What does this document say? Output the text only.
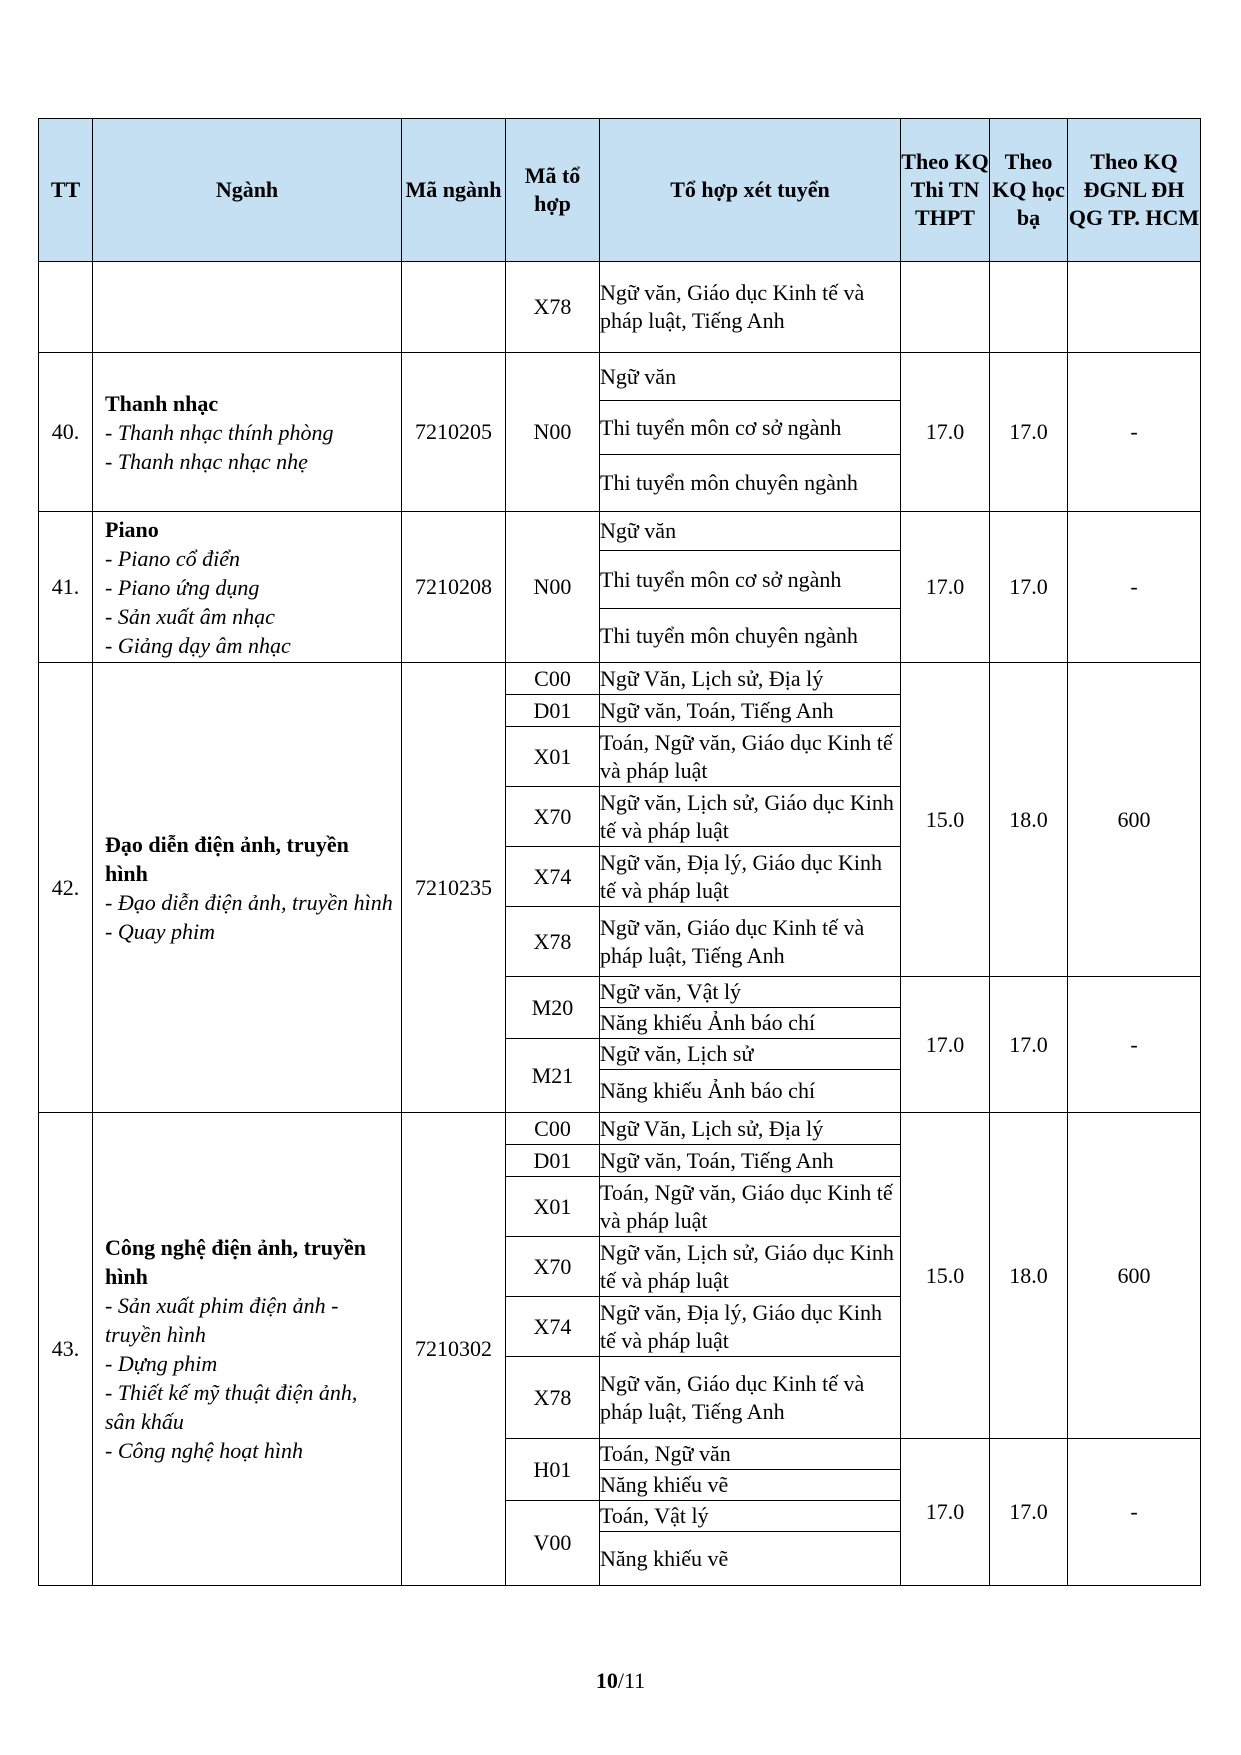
TT	Ngành	Mã ngành	Mã tổ hợp	Tổ hợp xét tuyển	Theo KQ Thi TN THPT	Theo KQ học bạ	Theo KQ ĐGNL ĐH QG TP. HCM
			X78	Ngữ văn, Giáo dục Kinh tế và pháp luật, Tiếng Anh			
40.	Thanh nhạc
- Thanh nhạc thính phòng
- Thanh nhạc nhạc nhẹ	7210205	N00	Ngữ văn	17.0	17.0	-
				Thi tuyển môn cơ sở ngành			
				Thi tuyển môn chuyên ngành			
41.	Piano
- Piano cổ điển
- Piano ứng dụng
- Sản xuất âm nhạc
- Giảng dạy âm nhạc	7210208	N00	Ngữ văn	17.0	17.0	-
				Thi tuyển môn cơ sở ngành			
				Thi tuyển môn chuyên ngành			
42.	Đạo diễn điện ảnh, truyền hình
- Đạo diễn điện ảnh, truyền hình
- Quay phim	7210235	C00	Ngữ Văn, Lịch sử, Địa lý	15.0	18.0	600
			D01	Ngữ văn, Toán, Tiếng Anh			
			X01	Toán, Ngữ văn, Giáo dục Kinh tế và pháp luật			
			X70	Ngữ văn, Lịch sử, Giáo dục Kinh tế và pháp luật			
			X74	Ngữ văn, Địa lý, Giáo dục Kinh tế và pháp luật			
			X78	Ngữ văn, Giáo dục Kinh tế và pháp luật, Tiếng Anh			
			M20	Ngữ văn, Vật lý	17.0	17.0	-
				Năng khiếu Ảnh báo chí			
			M21	Ngữ văn, Lịch sử			
				Năng khiếu Ảnh báo chí			

43.	Công nghệ điện ảnh, truyền hình
- Sản xuất phim điện ảnh - truyền hình
- Dựng phim
- Thiết kế mỹ thuật điện ảnh, sân khấu
- Công nghệ hoạt hình	7210302	C00	Ngữ Văn, Lịch sử, Địa lý	15.0	18.0	600
			D01	Ngữ văn, Toán, Tiếng Anh			
			X01	Toán, Ngữ văn, Giáo dục Kinh tế và pháp luật			
			X70	Ngữ văn, Lịch sử, Giáo dục Kinh tế và pháp luật			
			X74	Ngữ văn, Địa lý, Giáo dục Kinh tế và pháp luật			
			X78	Ngữ văn, Giáo dục Kinh tế và pháp luật, Tiếng Anh			
			H01	Toán, Ngữ văn	17.0	17.0	-
				Năng khiếu vẽ			
			V00	Toán, Vật lý			
				Năng khiếu vẽ			
10/11
